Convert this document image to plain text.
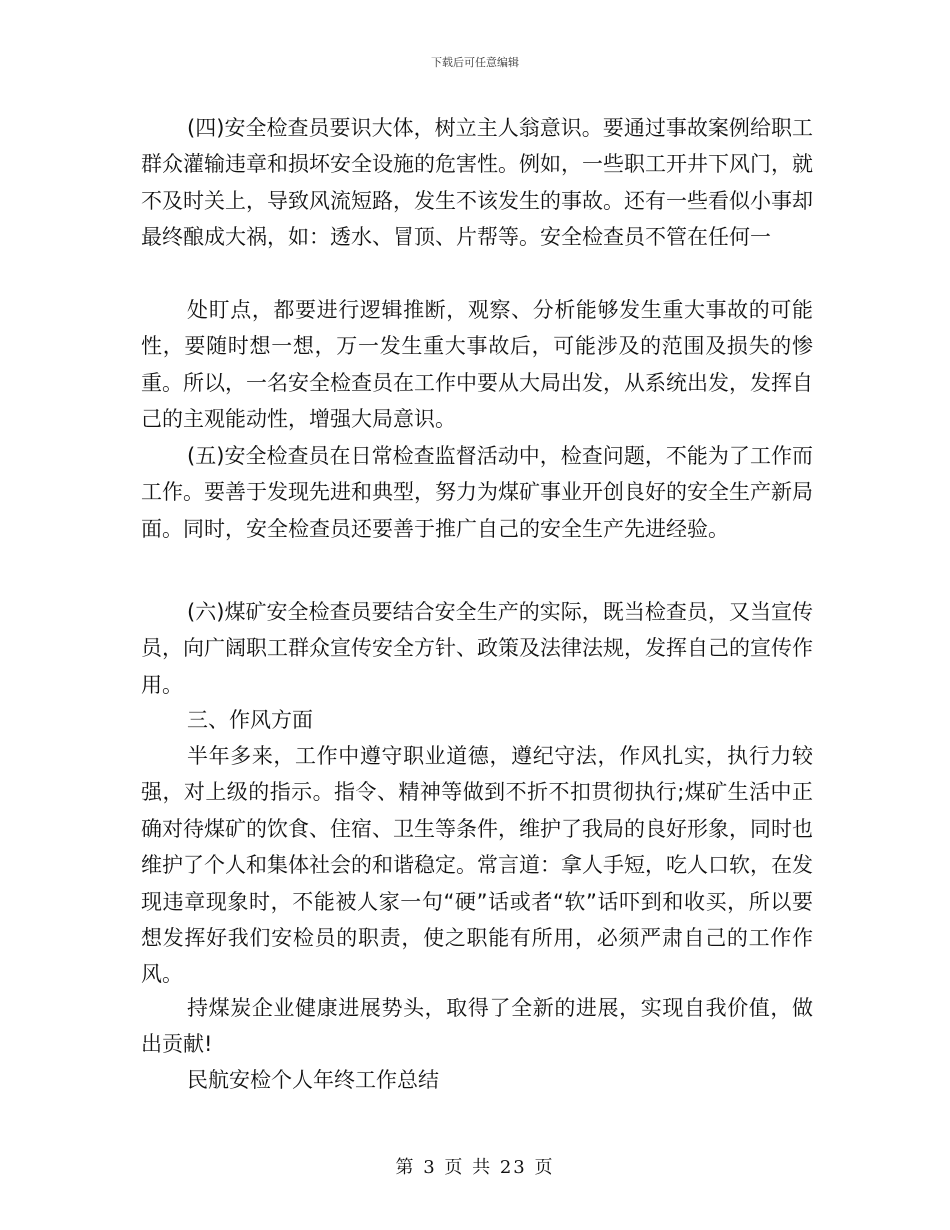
下载后可任意编辑

(四)安全检查员要识大体，树立主人翁意识。要通过事故案例给职工群众灌输违章和损坏安全设施的危害性。例如，一些职工开井下风门，就不及时关上，导致风流短路，发生不该发生的事故。还有一些看似小事却最终酿成大祸，如：透水、冒顶、片帮等。安全检查员不管在任何一

处盯点，都要进行逻辑推断，观察、分析能够发生重大事故的可能性，要随时想一想，万一发生重大事故后，可能涉及的范围及损失的惨重。所以，一名安全检查员在工作中要从大局出发，从系统出发，发挥自己的主观能动性，增强大局意识。

(五)安全检查员在日常检查监督活动中，检查问题，不能为了工作而工作。要善于发现先进和典型，努力为煤矿事业开创良好的安全生产新局面。同时，安全检查员还要善于推广自己的安全生产先进经验。

(六)煤矿安全检查员要结合安全生产的实际，既当检查员，又当宣传员，向广阔职工群众宣传安全方针、政策及法律法规，发挥自己的宣传作用。

三、作风方面

半年多来，工作中遵守职业道德，遵纪守法，作风扎实，执行力较强，对上级的指示。指令、精神等做到不折不扣贯彻执行;煤矿生活中正确对待煤矿的饮食、住宿、卫生等条件，维护了我局的良好形象，同时也维护了个人和集体社会的和谐稳定。常言道：拿人手短，吃人口软，在发现违章现象时，不能被人家一句“硬”话或者“软”话吓到和收买，所以要想发挥好我们安检员的职责，使之职能有所用，必须严肃自己的工作作风。

持煤炭企业健康进展势头，取得了全新的进展，实现自我价值，做出贡献!

民航安检个人年终工作总结

第 3 页 共 23 页
